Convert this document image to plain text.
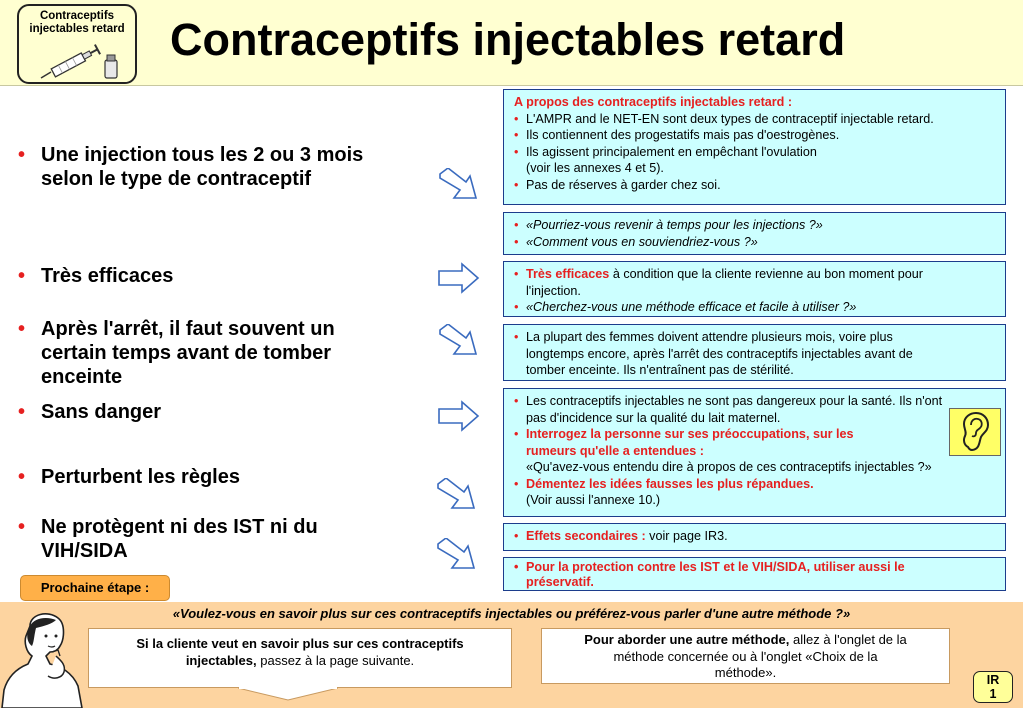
Contraceptifs
injectables retard Contraceptifs injectables retard
• Une injection tous les 2 ou 3 mois
selon le type de contraceptif
• Très efficaces
• Après l'arrêt, il faut souvent un
certain temps avant de tomber
enceinte
• Sans danger
• Perturbent les règles
• Ne protègent ni des IST ni du
VIH/SIDA
A propos des contraceptifs injectables retard :
• L'AMPR and le NET-EN sont deux types de contraceptif injectable retard.
• Ils contiennent des progestatifs mais pas d'oestrogènes.
• Ils agissent principalement en empêchant l'ovulation
(voir les annexes 4 et 5).
• Pas de réserves à garder chez soi.
• «Pourriez-vous revenir à temps pour les injections ?»
• «Comment vous en souviendriez-vous ?»
• Très efficaces à condition que la cliente revienne au bon moment pour
l'injection.
• «Cherchez-vous une méthode efficace et facile à utiliser ?»
• La plupart des femmes doivent attendre plusieurs mois, voire plus
longtemps encore, après l'arrêt des contraceptifs injectables avant de
tomber enceinte. Ils n'entraînent pas de stérilité.
• Les contraceptifs injectables ne sont pas dangereux pour la santé. Ils n'ont
pas d'incidence sur la qualité du lait maternel.
• Interrogez la personne sur ses préoccupations, sur les
rumeurs qu'elle a entendues :
«Qu'avez-vous entendu dire à propos de ces contraceptifs injectables ?»
• Démentez les idées fausses les plus répandues.
(Voir aussi l'annexe 10.)
• Effets secondaires : voir page IR3.
• Pour la protection contre les IST et le VIH/SIDA, utiliser aussi le
préservatif.
Prochaine étape :
«Voulez-vous en savoir plus sur ces contraceptifs injectables ou préférez-vous parler d'une autre méthode ?»
Si la cliente veut en savoir plus sur ces contraceptifs
injectables, passez à la page suivante.
Pour aborder une autre méthode, allez à l'onglet de la
méthode concernée ou à l'onglet «Choix de la
méthode».	IR
1
